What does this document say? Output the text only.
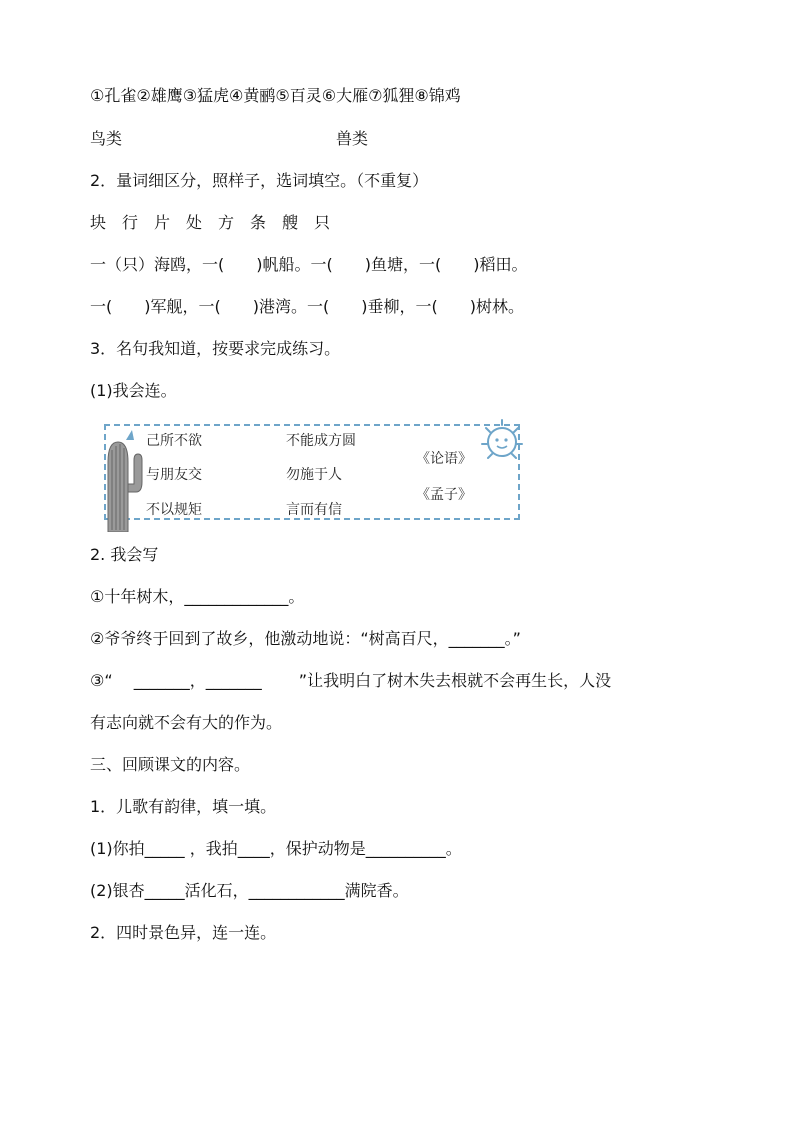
①孔雀②雄鹰③猛虎④黄鹂⑤百灵⑥大雁⑦狐狸⑧锦鸡
鸟类	兽类
2．量词细区分，照样子，选词填空。（不重复）
块　行　片　处　方　条　艘　只
一（只）海鸥，一(　　)帆船。一(　　)鱼塘，一(　　)稻田。
一(　　)军舰，一(　　)港湾。一(　　)垂柳，一(　　)树林。
3．名句我知道，按要求完成练习。
(1)我会连。
己所不欲
与朋友交
不以规矩
不能成方圆
勿施于人
言而有信
《论语》
《孟子》
2. 我会写
①十年树木，_____________。
②爷爷终于回到了故乡，他激动地说：“树高百尺，_______。”
③“　 _______，_______　　 ”让我明白了树木失去根就不会再生长，人没
有志向就不会有大的作为。
三、回顾课文的内容。
1．儿歌有韵律，填一填。
(1)你拍_____ ，我拍____，保护动物是__________。
(2)银杏_____活化石，____________满院香。
2．四时景色异，连一连。
